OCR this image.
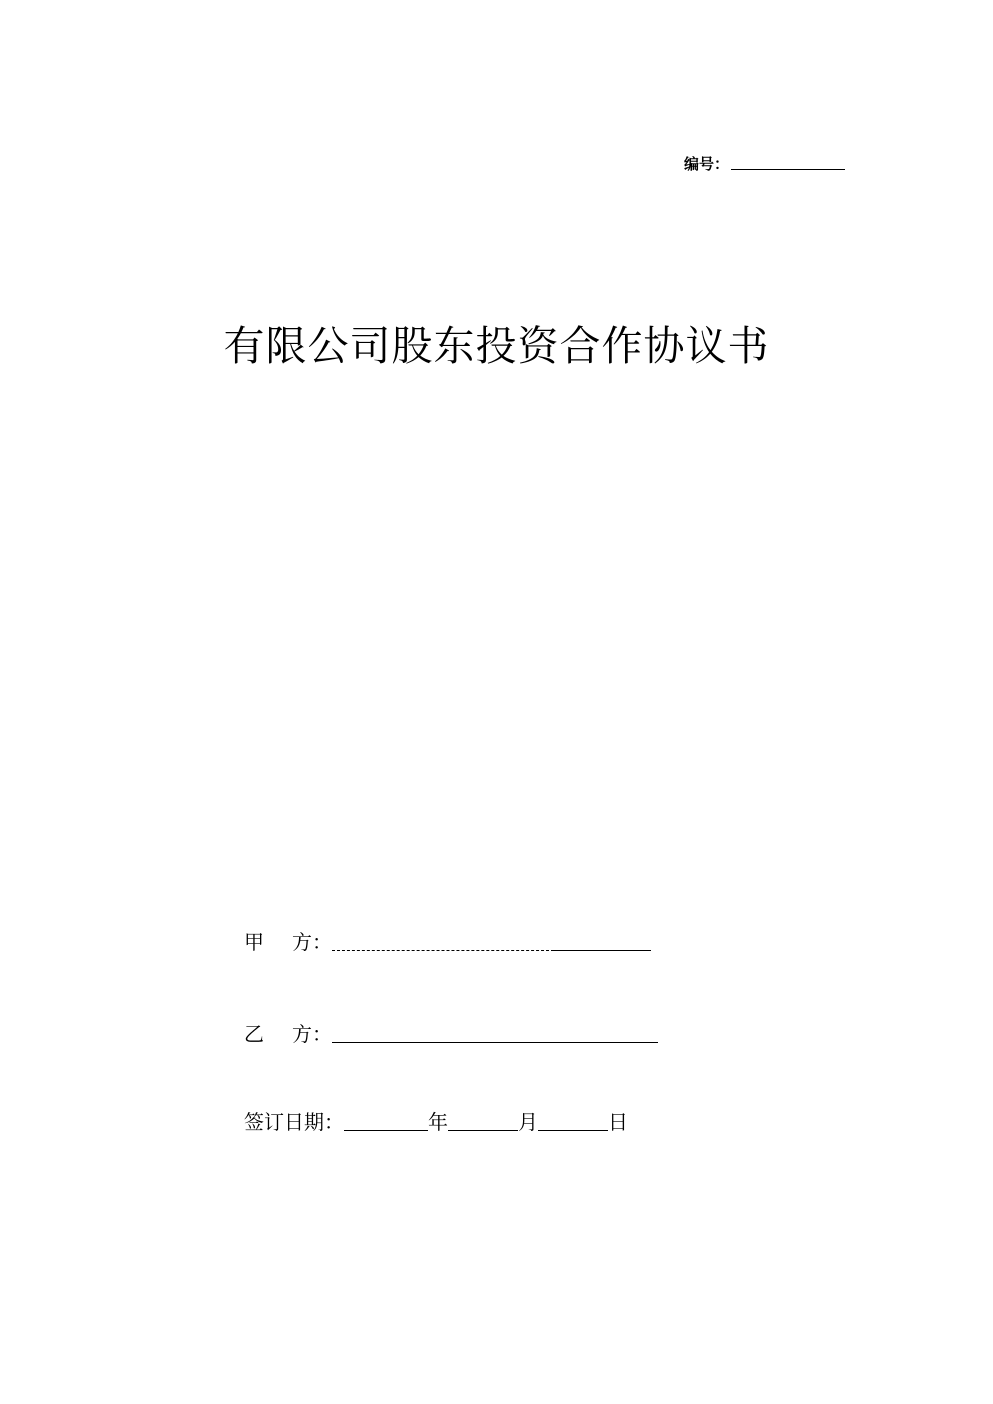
编号：
有限公司股东投资合作协议书
甲	方：
乙	方：
签订日期：	年	月	日
